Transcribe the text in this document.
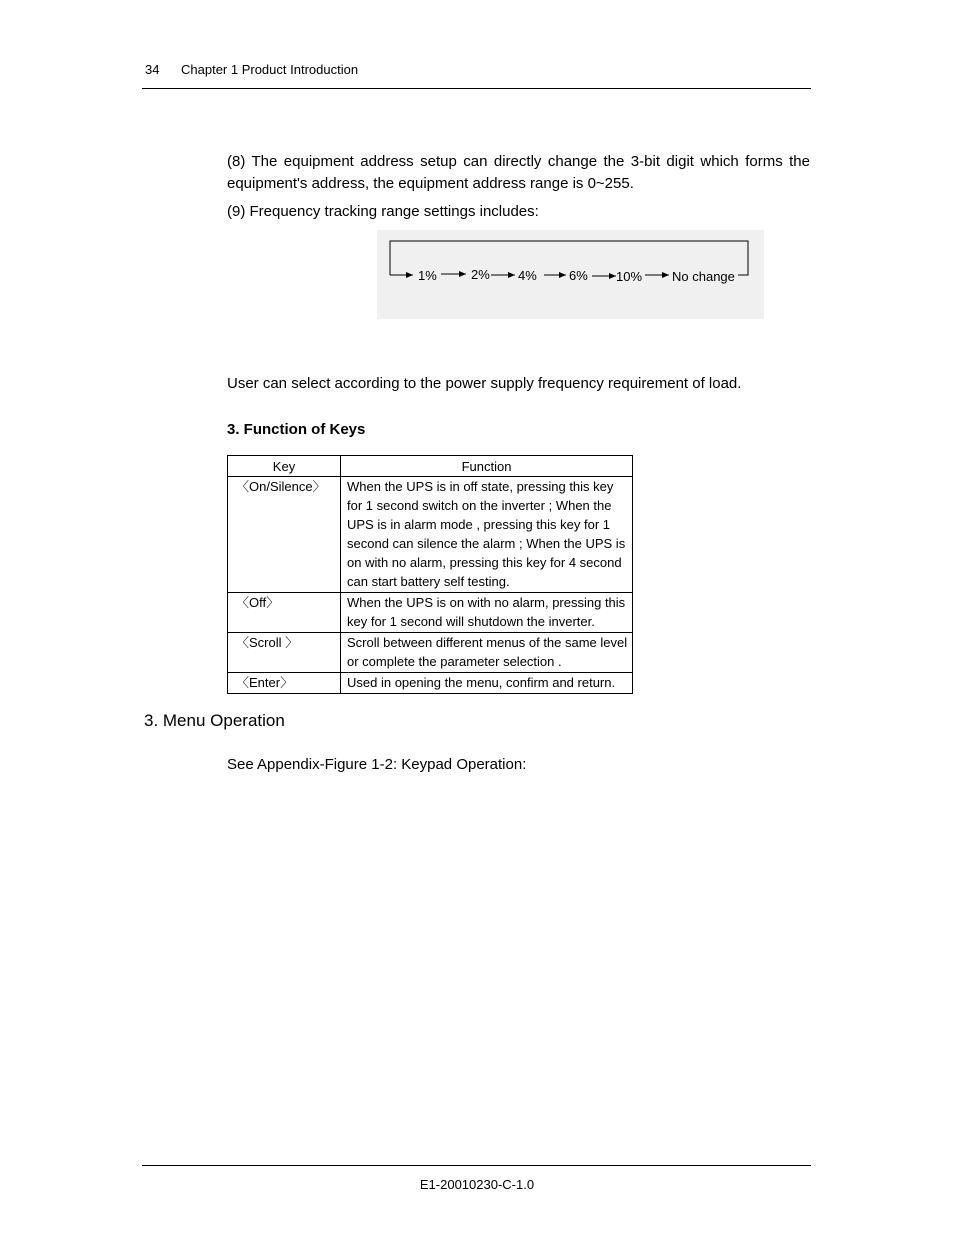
34 Chapter 1 Product Introduction
(8) The equipment address setup can directly change the 3-bit digit which forms the equipment's address, the equipment address range is 0~255.
(9) Frequency tracking range settings includes:
1%	2% 4% 6% 10% No change
User can select according to the power supply frequency requirement of load.
3. Function of Keys
Key	Function
〈On/Silence〉	When the UPS is in off state, pressing this key for 1 second switch on the inverter ; When the UPS is in alarm mode , pressing this key for 1 second can silence the alarm ; When the UPS is on with no alarm, pressing this key for 4 second can start battery self testing.
〈Off〉	When the UPS is on with no alarm, pressing this key for 1 second will shutdown the inverter.
〈Scroll 〉	Scroll between different menus of the same level or complete the parameter selection .
〈Enter〉	Used in opening the menu, confirm and return.
3. Menu Operation
See Appendix-Figure 1-2: Keypad Operation:
E1-20010230-C-1.0
